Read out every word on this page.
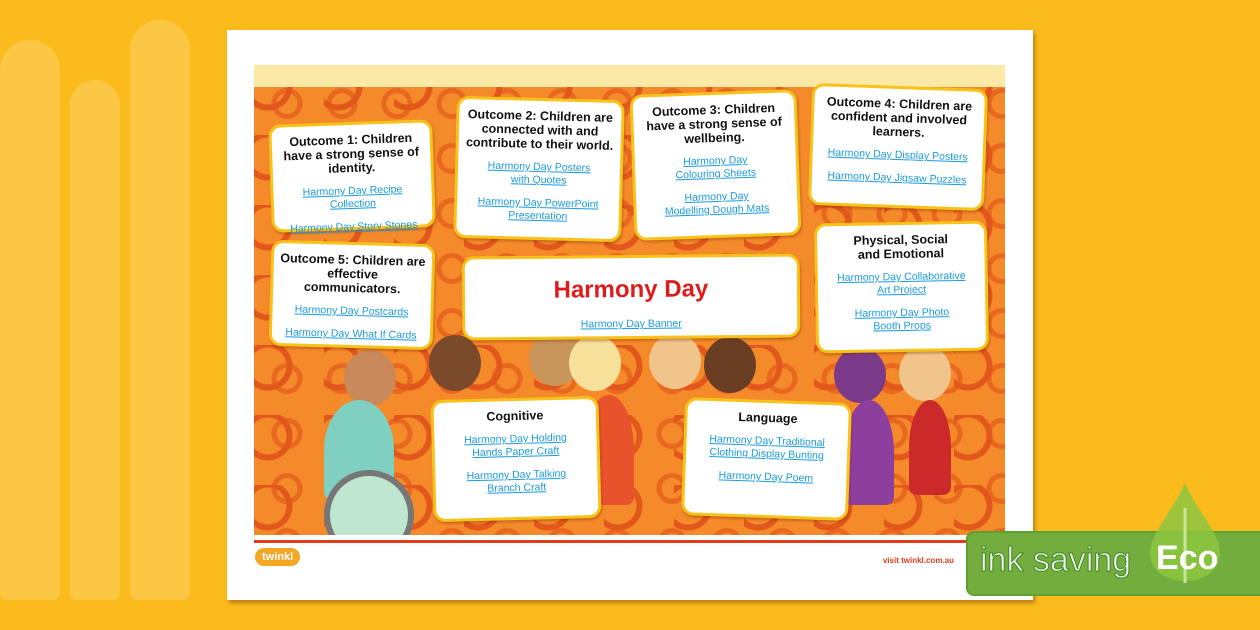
Outcome 1: Children have a strong sense of identity.
Harmony Day Recipe Collection
Harmony Day Story Stones
Outcome 2: Children are connected with and contribute to their world.
Harmony Day Posters with Quotes
Harmony Day PowerPoint Presentation
Outcome 3: Children have a strong sense of wellbeing.
Harmony Day Colouring Sheets
Harmony Day Modelling Dough Mats
Outcome 4: Children are confident and involved learners.
Harmony Day Display Posters
Harmony Day Jigsaw Puzzles
Outcome 5: Children are effective communicators.
Harmony Day Postcards
Harmony Day What If Cards
Harmony Day
Harmony Day Banner
Physical, Social and Emotional
Harmony Day Collaborative Art Project
Harmony Day Photo Booth Props
Cognitive
Harmony Day Holding Hands Paper Craft
Harmony Day Talking Branch Craft
Language
Harmony Day Traditional Clothing Display Bunting
Harmony Day Poem
twinkl	visit twinkl.com.au ink saving Eco
